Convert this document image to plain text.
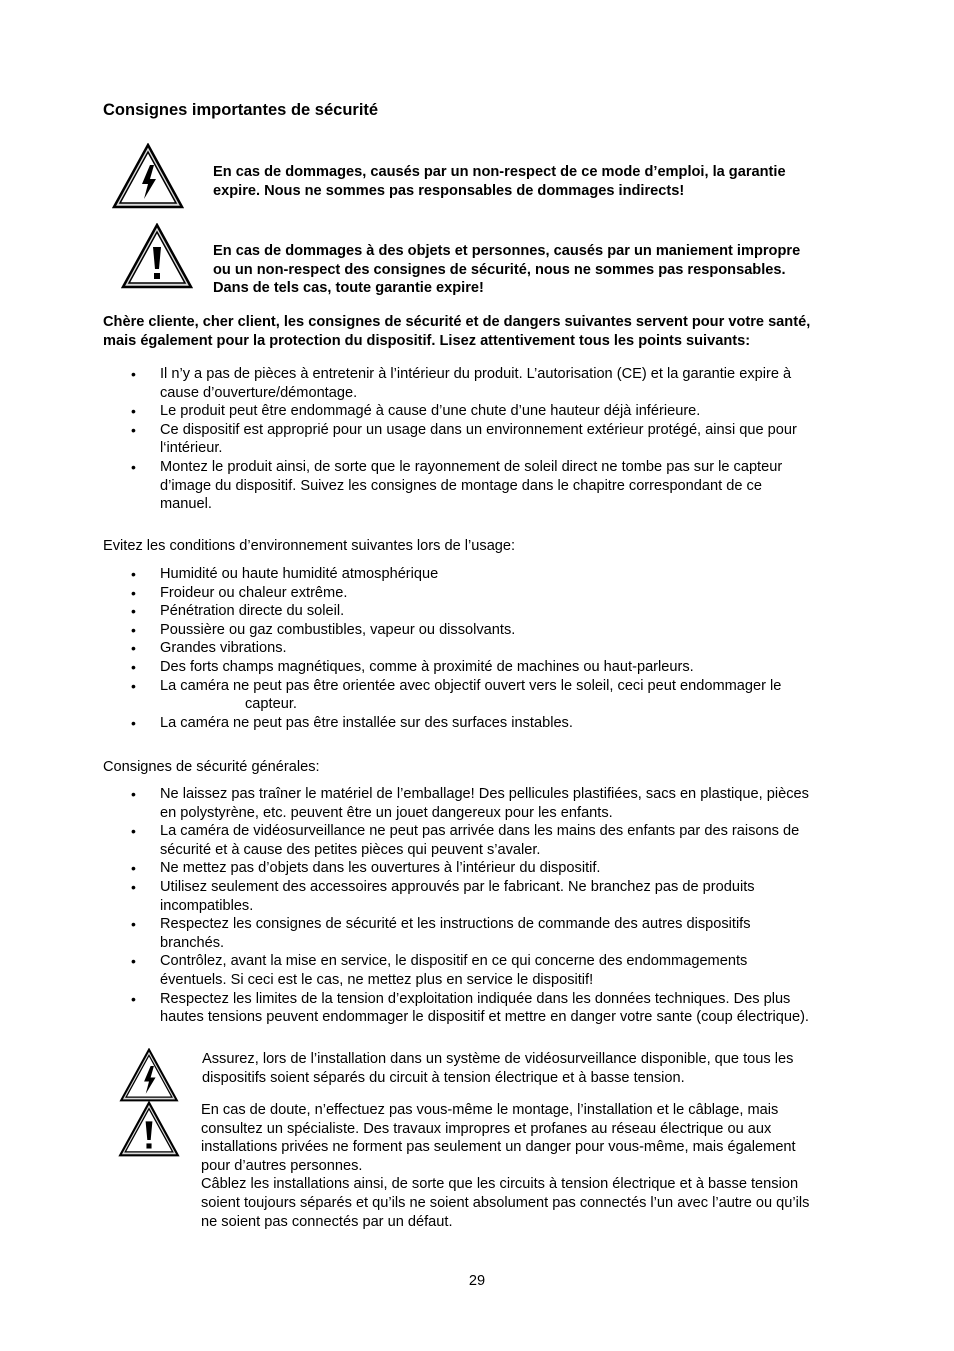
Consignes importantes de sécurité
En cas de dommages, causés par un non-respect de ce mode d’emploi, la garantie
expire. Nous ne sommes pas responsables de dommages indirects!
En cas de dommages à des objets et personnes, causés par un maniement impropre
ou un non-respect des consignes de sécurité, nous ne sommes pas responsables.
Dans de tels cas, toute garantie expire!
Chère cliente, cher client, les consignes de sécurité et de dangers suivantes servent pour votre santé,
mais également pour la protection du dispositif. Lisez attentivement tous les points suivants:
• Il n’y a pas de pièces à entretenir à l’intérieur du produit. L’autorisation (CE) et la garantie expire à
cause d’ouverture/démontage.
• Le produit peut être endommagé à cause d’une chute d’une hauteur déjà inférieure.
• Ce dispositif est approprié pour un usage dans un environnement extérieur protégé, ainsi que pour
l‘intérieur.
• Montez le produit ainsi, de sorte que le rayonnement de soleil direct ne tombe pas sur le capteur
d’image du dispositif. Suivez les consignes de montage dans le chapitre correspondant de ce
manuel.
Evitez les conditions d’environnement suivantes lors de l’usage:
• Humidité ou haute humidité atmosphérique
• Froideur ou chaleur extrême.
• Pénétration directe du soleil.
• Poussière ou gaz combustibles, vapeur ou dissolvants.
• Grandes vibrations.
• Des forts champs magnétiques, comme à proximité de machines ou haut-parleurs.
• La caméra ne peut pas être orientée avec objectif ouvert vers le soleil, ceci peut endommager le
capteur.
• La caméra ne peut pas être installée sur des surfaces instables.
Consignes de sécurité générales:
• Ne laissez pas traîner le matériel de l’emballage! Des pellicules plastifiées, sacs en plastique, pièces
en polystyrène, etc. peuvent être un jouet dangereux pour les enfants.
• La caméra de vidéosurveillance ne peut pas arrivée dans les mains des enfants par des raisons de
sécurité et à cause des petites pièces qui peuvent s’avaler.
• Ne mettez pas d’objets dans les ouvertures à l’intérieur du dispositif.
• Utilisez seulement des accessoires approuvés par le fabricant. Ne branchez pas de produits
incompatibles.
• Respectez les consignes de sécurité et les instructions de commande des autres dispositifs
branchés.
• Contrôlez, avant la mise en service, le dispositif en ce qui concerne des endommagements
éventuels. Si ceci est le cas, ne mettez plus en service le dispositif!
• Respectez les limites de la tension d’exploitation indiquée dans les données techniques. Des plus
hautes tensions peuvent endommager le dispositif et mettre en danger votre sante (coup électrique).
Assurez, lors de l’installation dans un système de vidéosurveillance disponible, que tous les
dispositifs soient séparés du circuit à tension électrique et à basse tension.
En cas de doute, n’effectuez pas vous-même le montage, l’installation et le câblage, mais
consultez un spécialiste. Des travaux impropres et profanes au réseau électrique ou aux
installations privées ne forment pas seulement un danger pour vous-même, mais également
pour d’autres personnes.
Câblez les installations ainsi, de sorte que les circuits à tension électrique et à basse tension
soient toujours séparés et qu’ils ne soient absolument pas connectés l’un avec l’autre ou qu’ils
ne soient pas connectés par un défaut.
29
